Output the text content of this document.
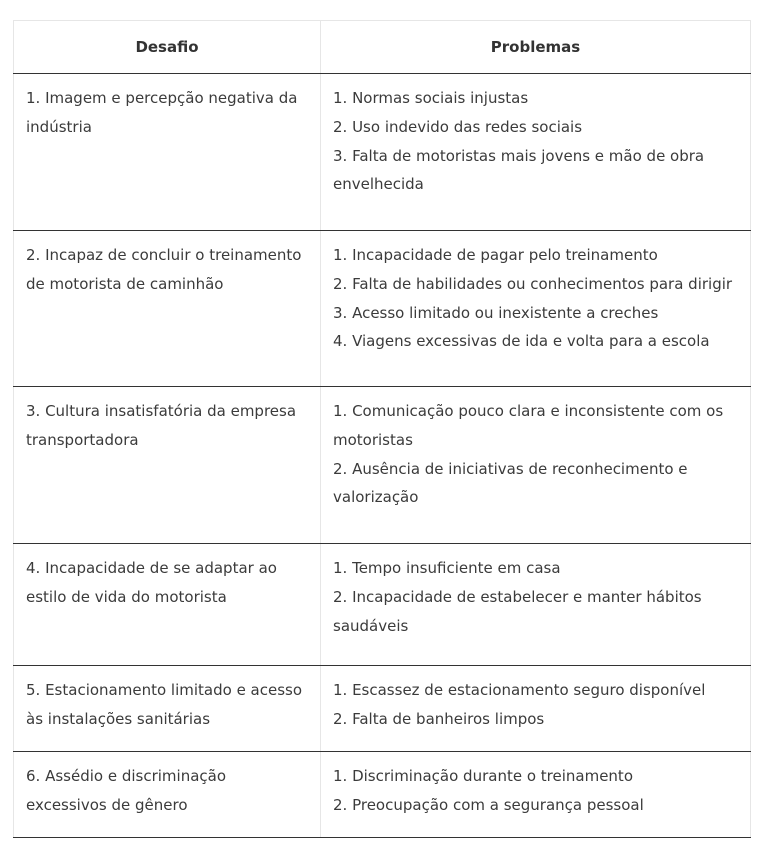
Desafio	Problemas
1. Imagem e percepção negativa da indústria	1. Normas sociais injustas
2. Uso indevido das redes sociais
3. Falta de motoristas mais jovens e mão de obra envelhecida

2. Incapaz de concluir o treinamento de motorista de caminhão	1. Incapacidade de pagar pelo treinamento
2. Falta de habilidades ou conhecimentos para dirigir
3. Acesso limitado ou inexistente a creches
4. Viagens excessivas de ida e volta para a escola

3. Cultura insatisfatória da empresa transportadora	1. Comunicação pouco clara e inconsistente com os motoristas
2. Ausência de iniciativas de reconhecimento e valorização

4. Incapacidade de se adaptar ao estilo de vida do motorista	1. Tempo insuficiente em casa
2. Incapacidade de estabelecer e manter hábitos saudáveis

5. Estacionamento limitado e acesso às instalações sanitárias	1. Escassez de estacionamento seguro disponível
2. Falta de banheiros limpos

6. Assédio e discriminação excessivos de gênero	1. Discriminação durante o treinamento
2. Preocupação com a segurança pessoal
